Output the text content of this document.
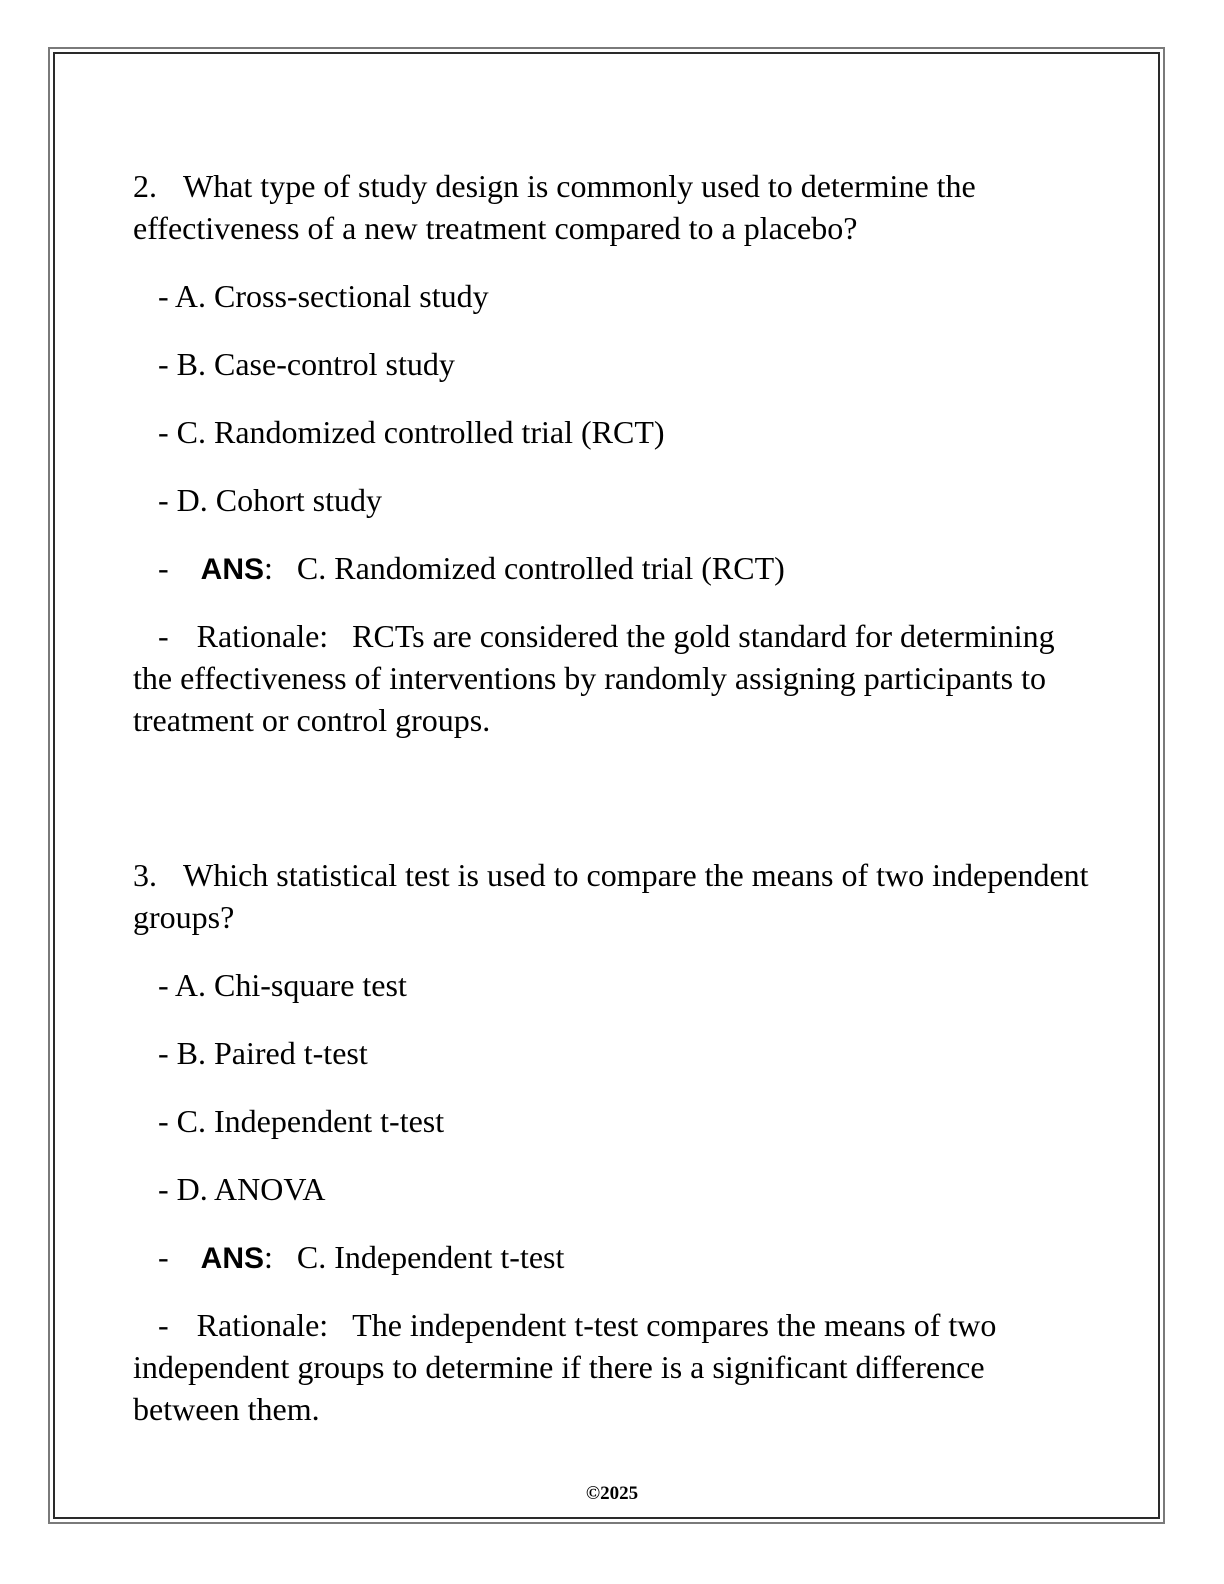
2. What type of study design is commonly used to determine the effectiveness of a new treatment compared to a placebo?

- A. Cross-sectional study

- B. Case-control study

- C. Randomized controlled trial (RCT)

- D. Cohort study

- ANS: C. Randomized controlled trial (RCT)

- Rationale: RCTs are considered the gold standard for determining the effectiveness of interventions by randomly assigning participants to treatment or control groups.

3. Which statistical test is used to compare the means of two independent groups?

- A. Chi-square test

- B. Paired t-test

- C. Independent t-test

- D. ANOVA

- ANS: C. Independent t-test

- Rationale: The independent t-test compares the means of two independent groups to determine if there is a significant difference between them.

©2025
